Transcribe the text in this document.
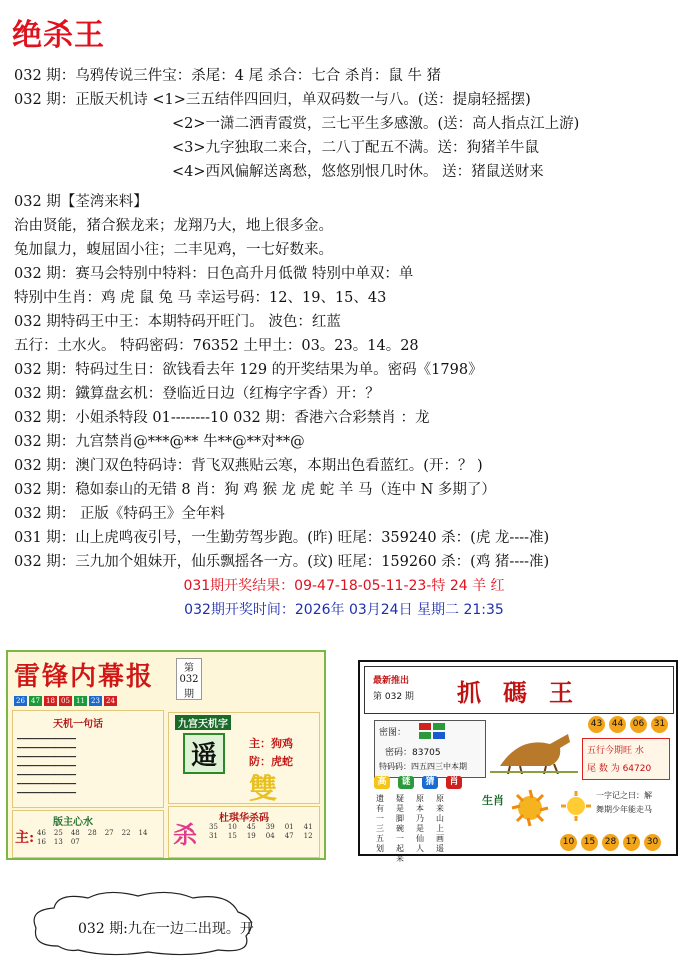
绝杀王
032 期：乌鸦传说三件宝：杀尾：4 尾 杀合：七合 杀肖：鼠 牛 猪
032 期：正版天机诗 <1>三五结伴四回归，单双码数一与八。(送：提扇轻摇摆)
<2>一潇二洒青霞赏，三七平生多感激。(送：高人指点江上游)
<3>九字独取二来合，二八丁配五不满。送：狗猪羊牛鼠
<4>西风偏解送离愁，悠悠别恨几时休。 送：猪鼠送财来
032 期【荃湾来料】
治由贤能，猪合猴龙来；龙翔乃大，地上很多金。
兔加鼠力，蝮屈固小往；二丰见鸡，一七好数来。
032 期：赛马会特别中特料：日色高升月低微 特别中单双：单
特别中生肖：鸡 虎 鼠 兔 马 幸运号码：12、19、15、43
032 期特码王中王：本期特码开旺门。 波色：红蓝
五行：土水火。 特码密码：76352 土甲土：03。23。14。28
032 期：特码过生日：欲钱看去年 129 的开奖结果为单。密码《1798》
032 期：鐵算盘玄机：登临近日边（红梅字字香）开：？
032 期：小姐杀特段 01--------10 032 期：香港六合彩禁肖 ：龙
032 期：九宫禁肖@***@** 牛**@**对**@
032 期：澳门双色特码诗：背飞双燕贴云寒，本期出色看蓝红。(开：？ )
032 期：稳如泰山的无错 8 肖：狗 鸡 猴 龙 虎 蛇 羊 马（连中 N 多期了）
032 期： 正版《特码王》全年料
031 期：山上虎鸣夜引号，一生勤劳驾步跑。(昨) 旺尾：359240 杀：(虎 龙----准)
032 期：三九加个姐妹开，仙乐飘摇各一方。(玟) 旺尾：159260 杀：(鸡 猪----准)
031期开奖结果：09-47-18-05-11-23-特 24 羊 红
032期开奖时间：2026年 03月24日 星期二 21:35
雷锋内幕报	第
032
期
26 47 18 05 11 23 24
天机一句话
━━━━━━━━━━━━━━
━━━━━━━━━━━━━━
━━━━━━━━━━━━━━
━━━━━━━━━━━━━━
━━━━━━━━━━━━━━
━━━━━━━━━━━━━━
━━━━━━━━━━━━━━
九宫天机字
遥	主：狗鸡
防：虎蛇
雙
版主心水
主: 46 25 48 28 27 22 14
16 13 07
杜琪华杀码
杀 35 10 45 39 01 41
31 15 19 04 47 12
最新推出
第 032 期 抓碼王
密图：
密码：83705
特码码：四五四三中本期
43	44	06	31
五行今期旺 水
尾 数 为 64720
高	谜	猜	肖
遗有一三五划
疑是脚碗一起来
原本乃是仙人
原来山上画遥
生肖	一字记之曰：解
舞期少年能走马
10	15	28	17	30
032 期:九在一边二出现。开
